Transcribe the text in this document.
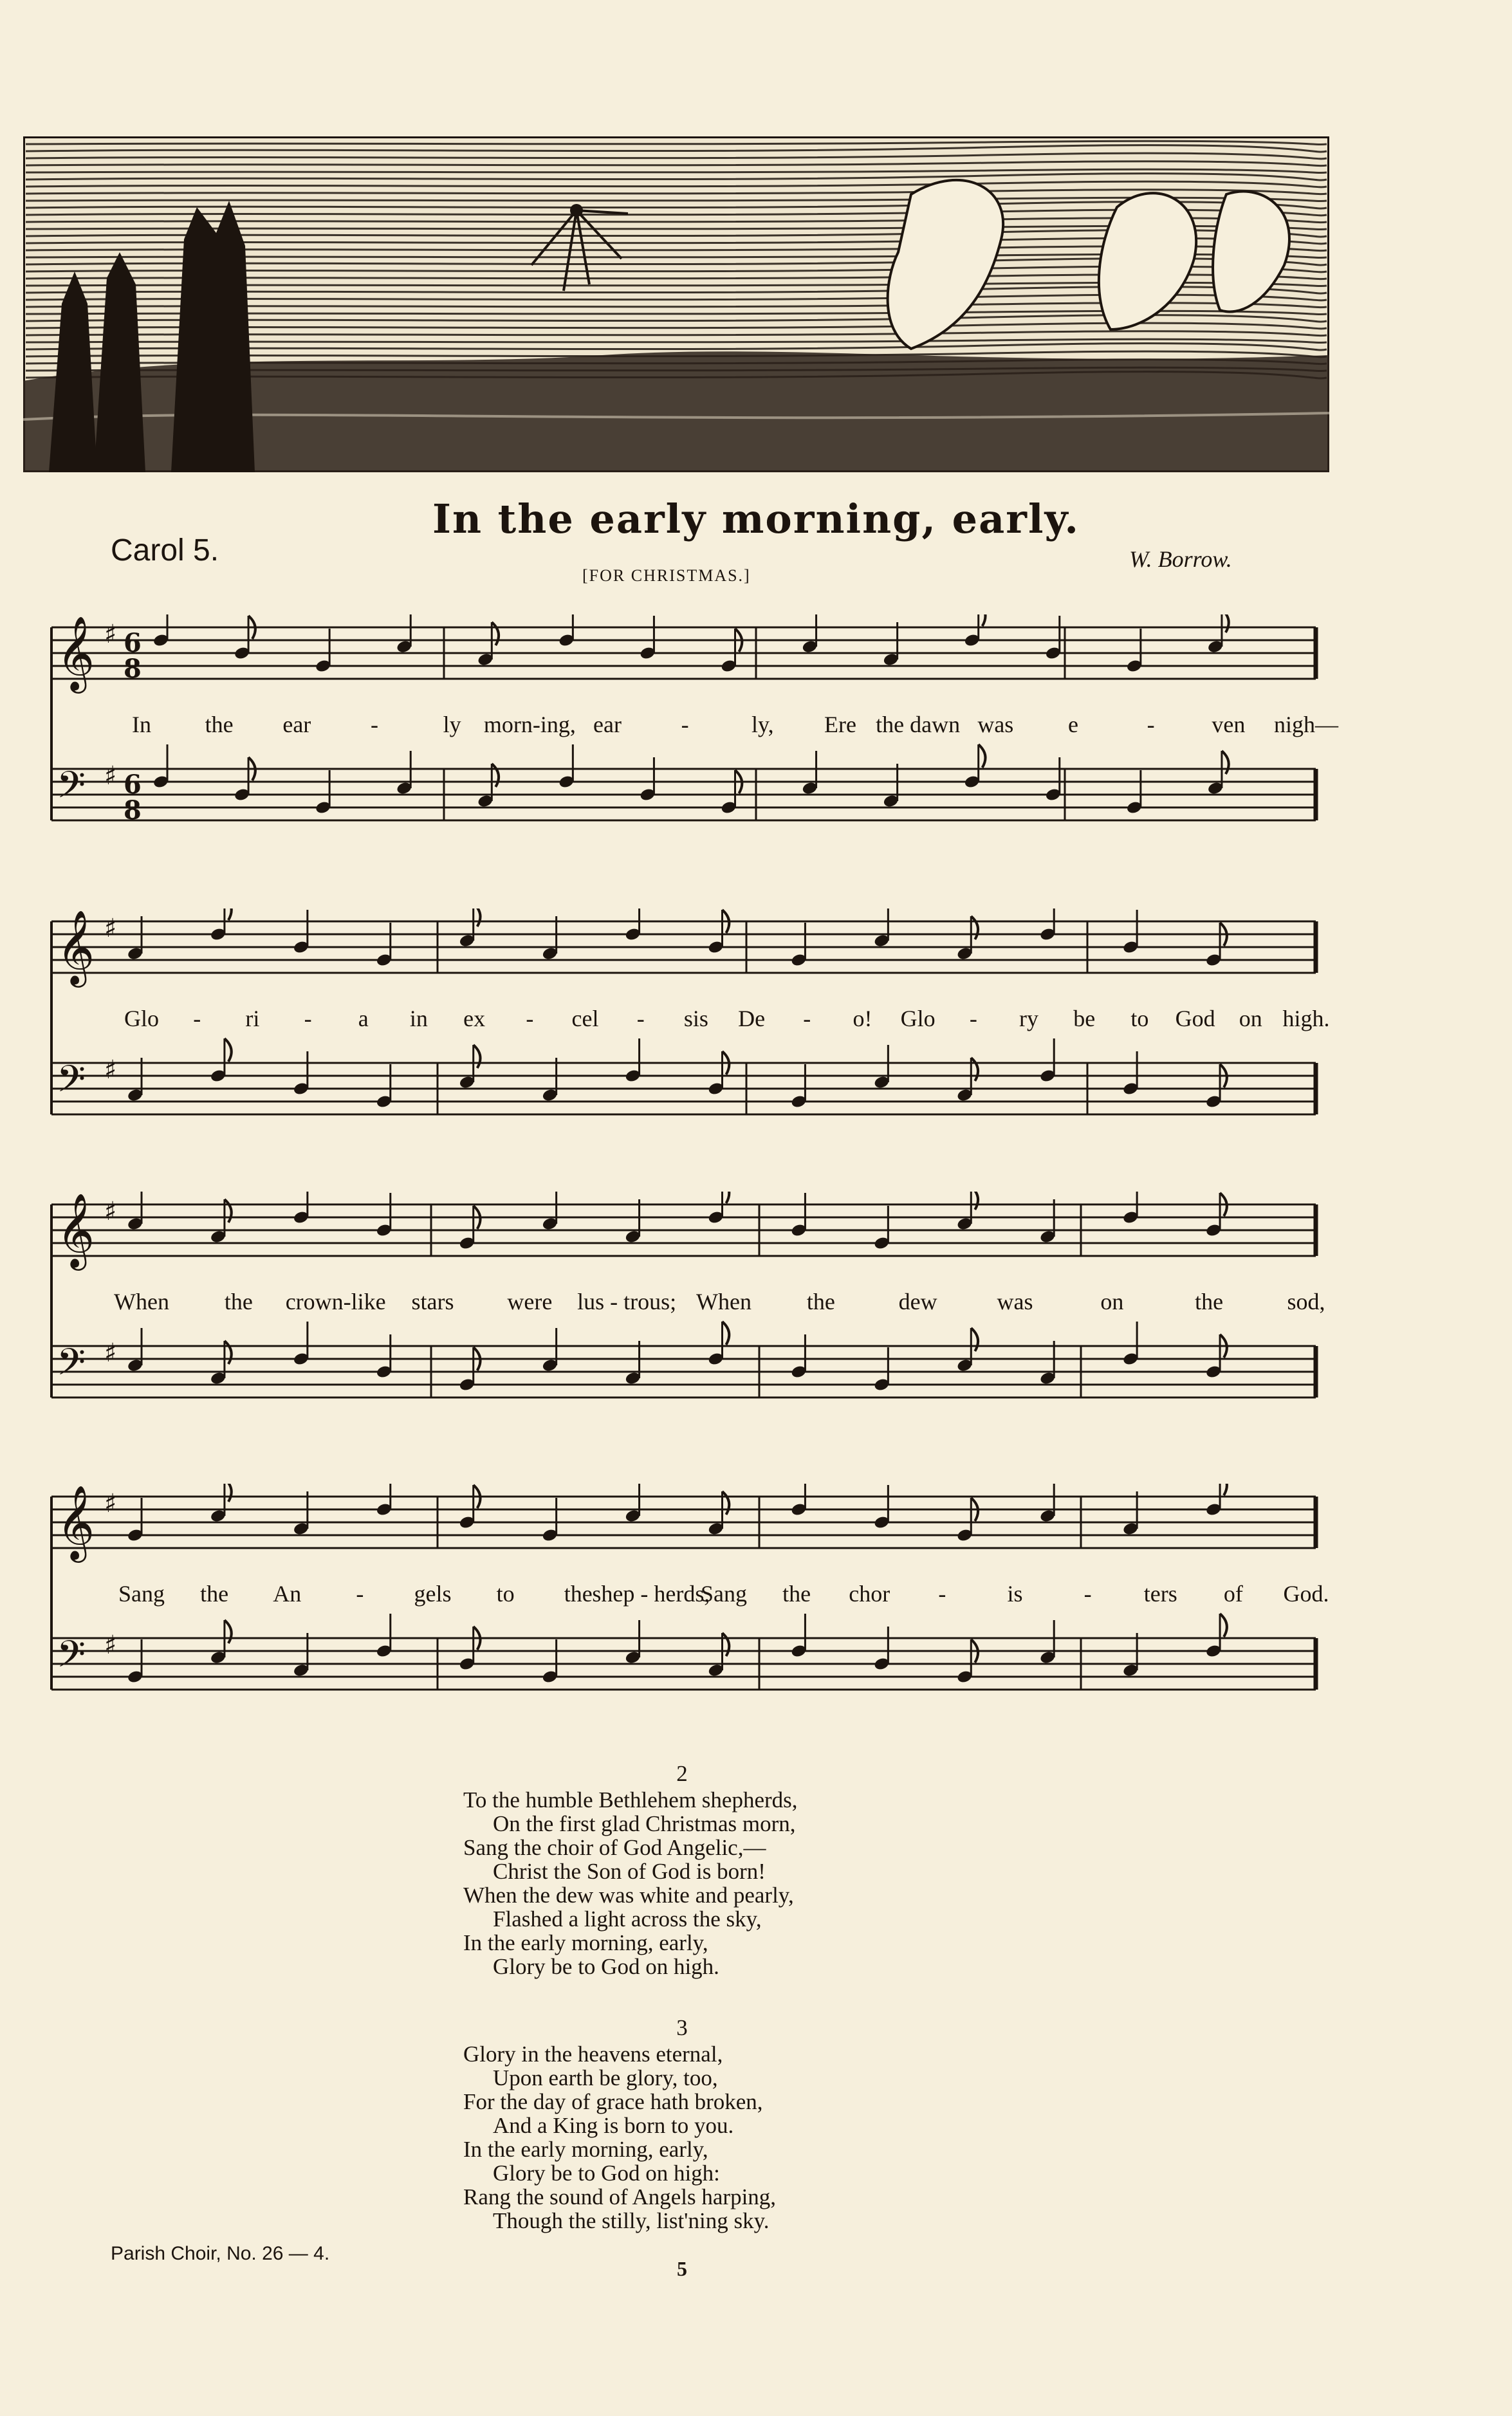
In the early morning, early.
Carol 5.	W. Borrow.
[FOR CHRISTMAS.]
𝄞 ♯ 6
8
𝄢 ♯ 6
8
In the ear	-	ly morn-ing, ear	-	ly, Ere the dawn was e	- ven nigh—
𝄞 ♯
𝄢 ♯
Glo - ri - a in ex - cel - sis De - o! Glo - ry be to God on high.
𝄞 ♯
𝄢 ♯
When the crown-like stars were lus - trous; When the	dew	was	on	the	sod,
𝄞 ♯
𝄢 ♯
Sang the An - gels to the shep - herds,
Sang the chor -	is	- ters of God.
2
To the humble Bethlehem shepherds,
On the first glad Christmas morn,
Sang the choir of God Angelic,—
Christ the Son of God is born!
When the dew was white and pearly,
Flashed a light across the sky,
In the early morning, early,
Glory be to God on high.
3
Glory in the heavens eternal,
Upon earth be glory, too,
For the day of grace hath broken,
And a King is born to you.
In the early morning, early,
Glory be to God on high:
Rang the sound of Angels harping,
Though the stilly, list'ning sky.
Parish Choir, No. 26 — 4.
5
